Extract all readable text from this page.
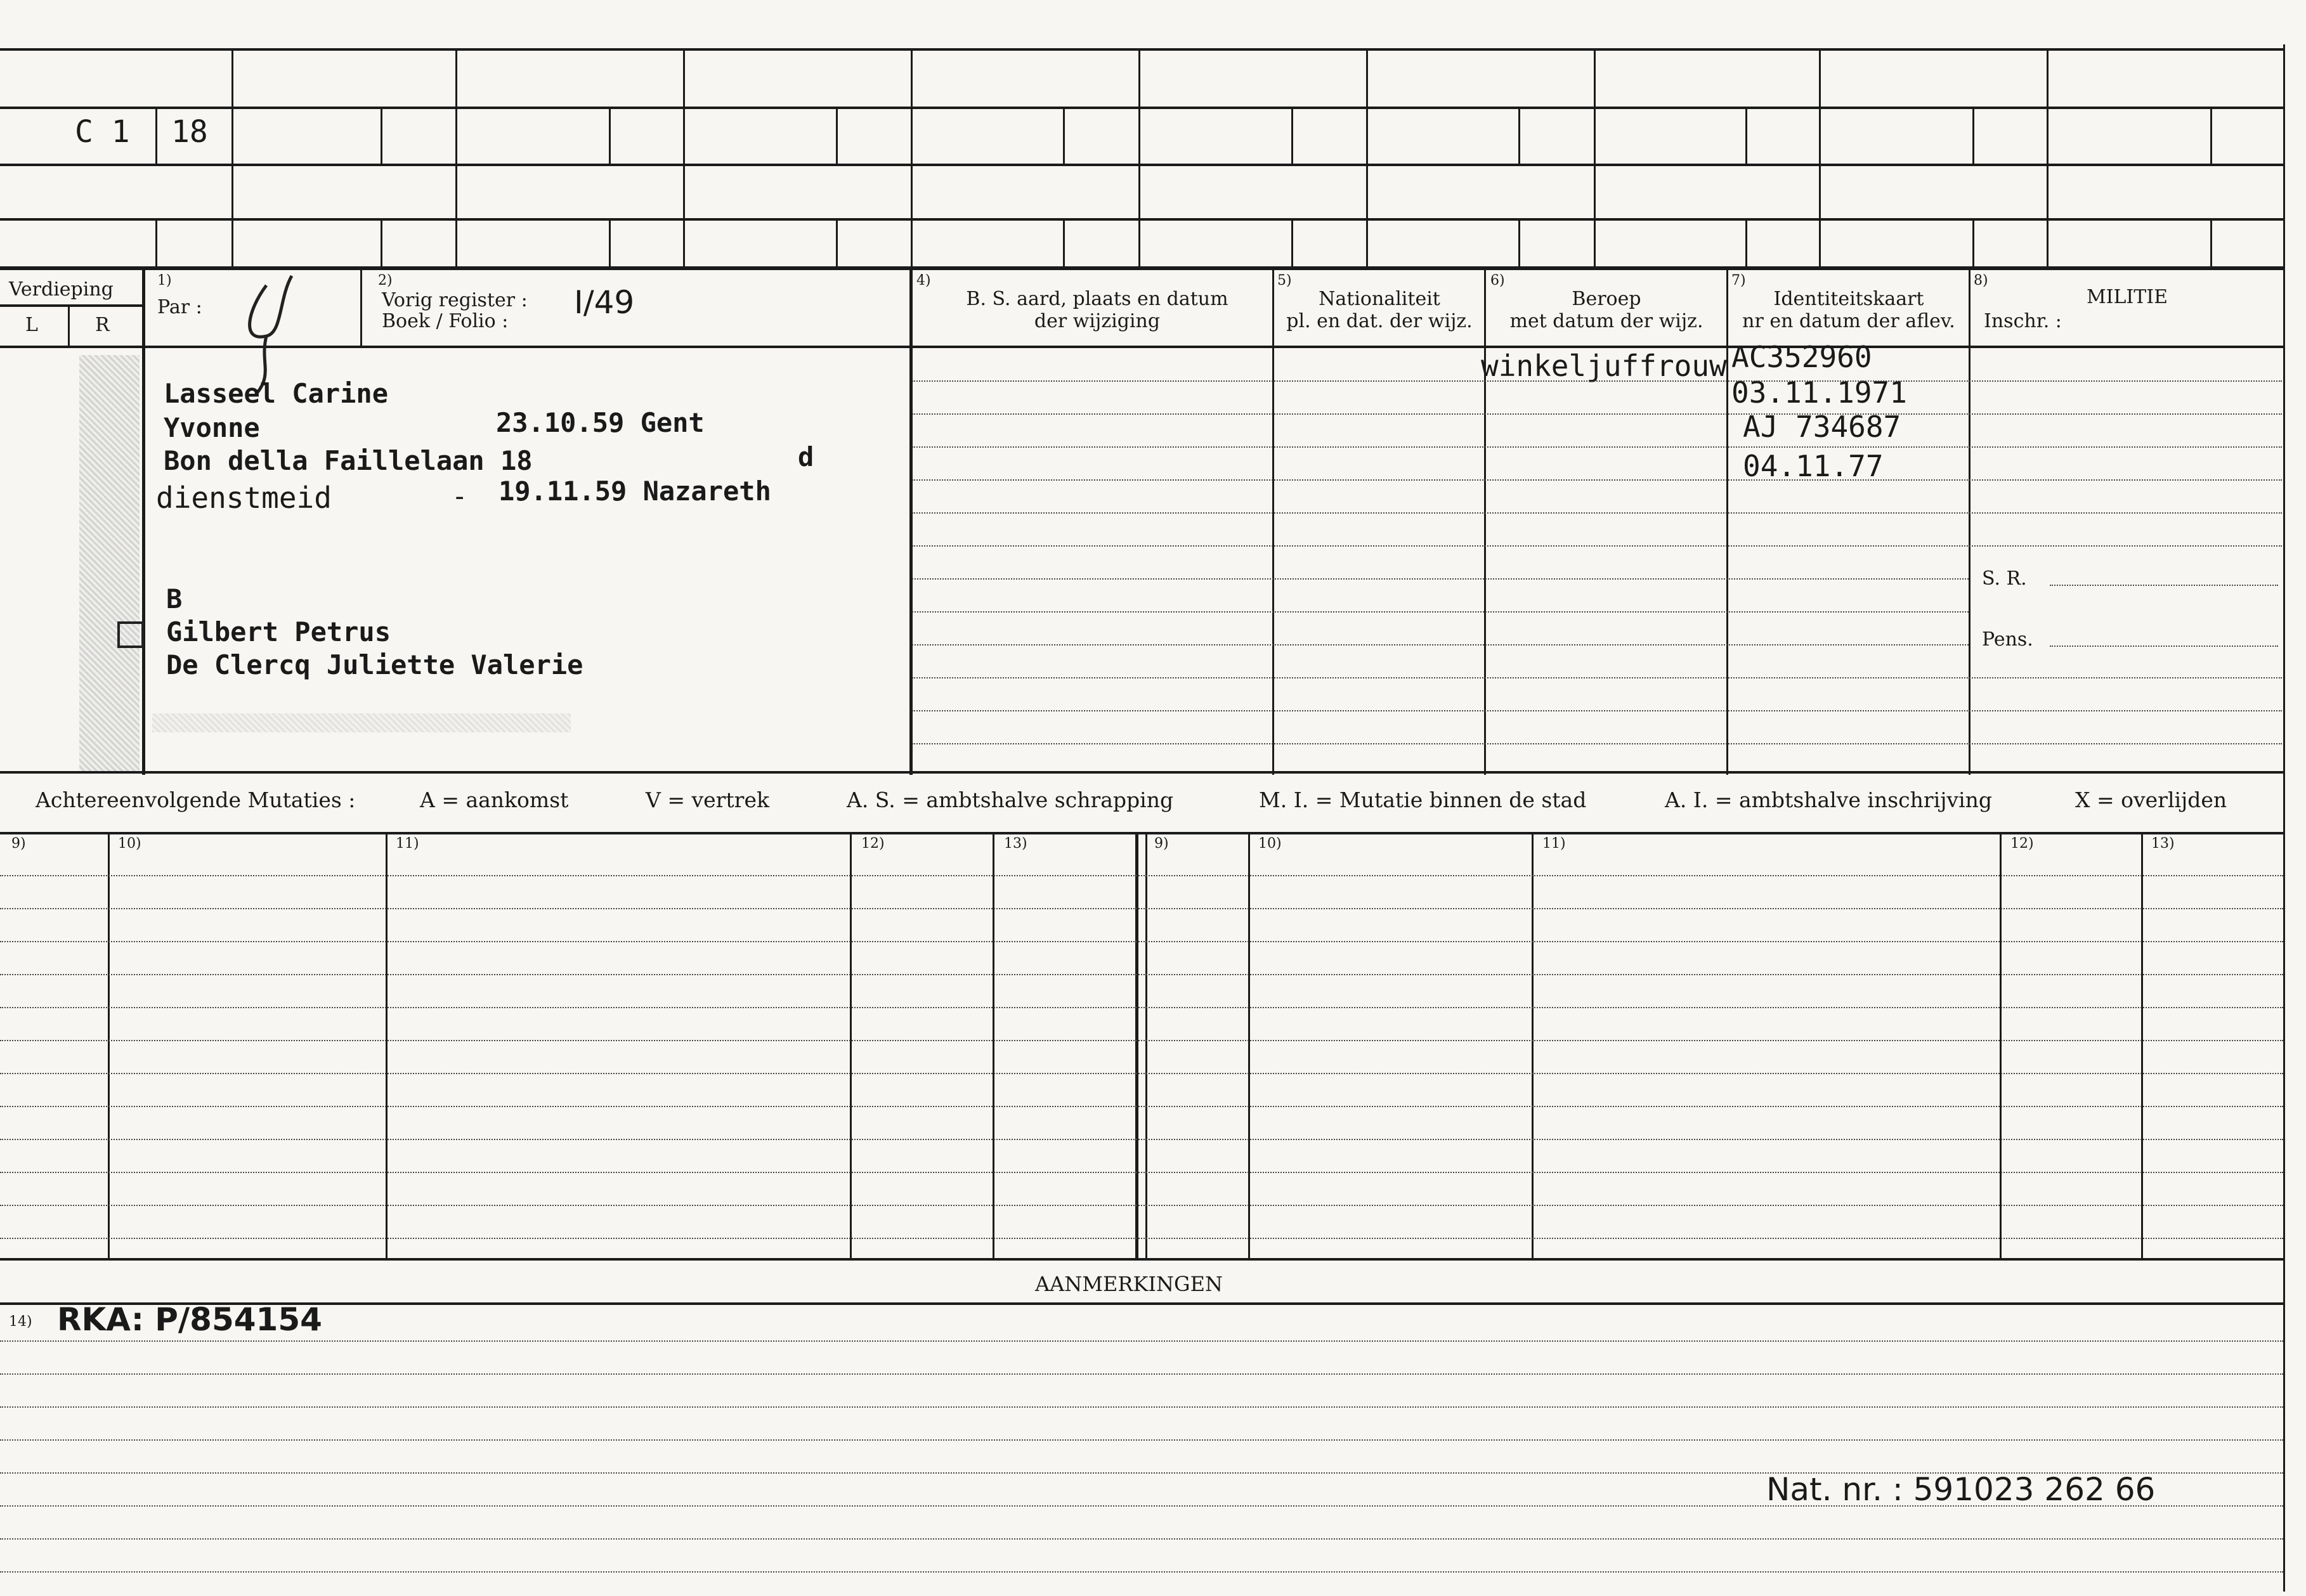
C 1 18
Verdieping
L	R
1)
Par :
2)
Vorig register :
Boek / Folio :
I/49
4)
B. S. aard, plaats en datum
der wijziging
5)
Nationaliteit
pl. en dat. der wijz.
6)
Beroep
met datum der wijz.
7)
Identiteitskaart
nr en datum der aflev.
8)
MILITIE
Inschr. :
Lasseel Carine
Yvonne	23.10.59 Gent
Bon della Faillelaan 18	d
dienstmeid	- 19.11.59 Nazareth
B
Gilbert Petrus
De Clercq Juliette Valerie
winkeljuffrouw AC352960
03.11.1971
AJ 734687
04.11.77
S. R.
Pens.
Achtereenvolgende Mutaties :	A = aankomst	V = vertrek	A. S. = ambtshalve schrapping	M. I. = Mutatie binnen de stad	A. I. = ambtshalve inschrijving	X = overlijden
9)	10)	11)	12)	13)	9)	10)	11)	12)	13)
AANMERKINGEN
14) RKA: P/854154
Nat. nr. : 591023 262 66
